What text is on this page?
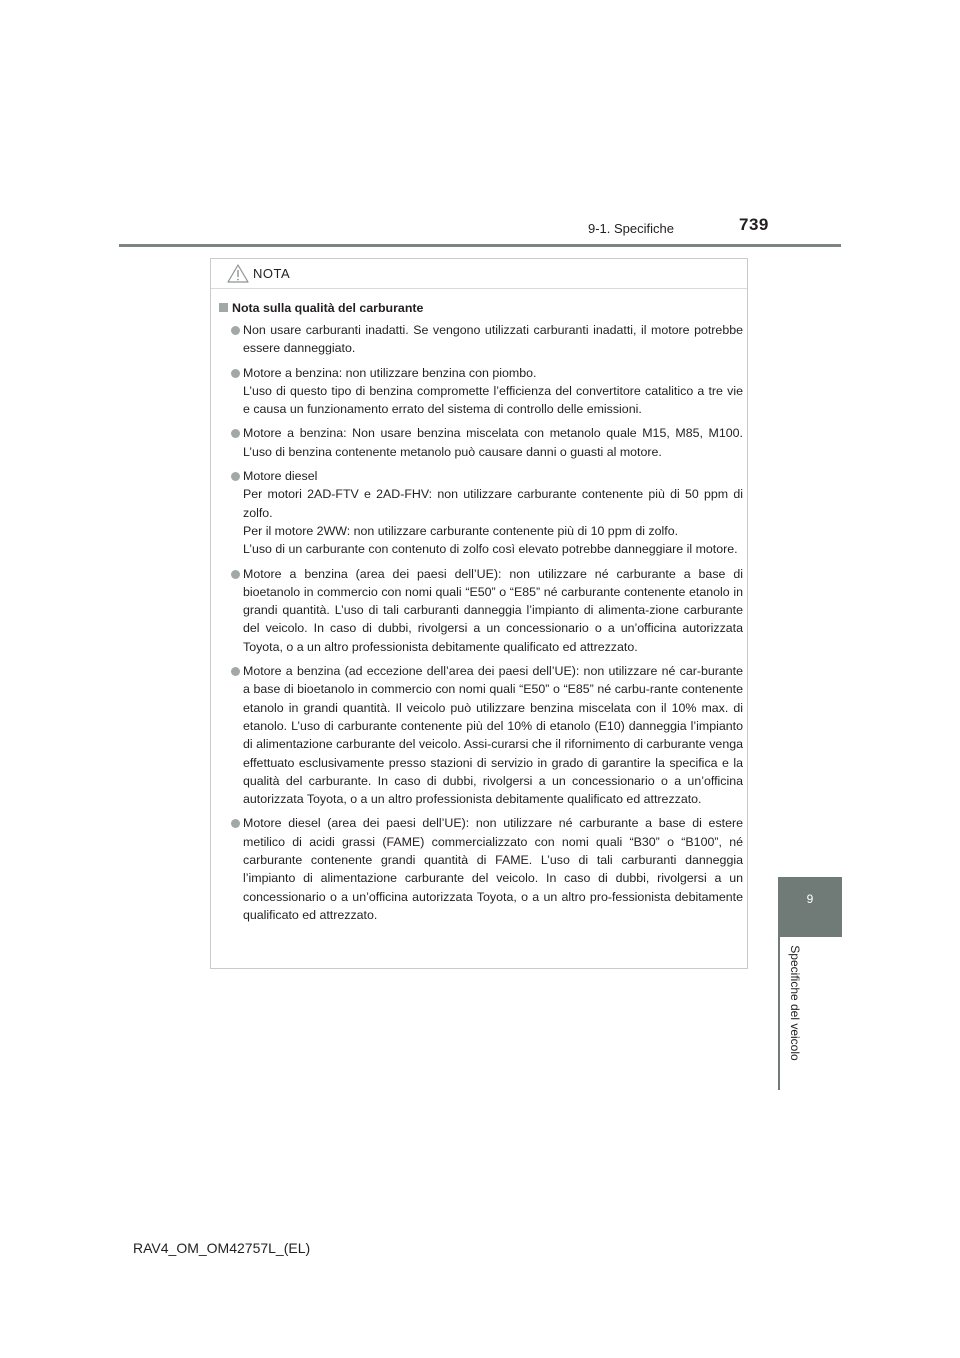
9-1. Specifiche	739
9
Specifiche del veicolo
NOTA
Nota sulla qualità del carburante

Non usare carburanti inadatti. Se vengono utilizzati carburanti inadatti, il motore potrebbe essere danneggiato.

Motore a benzina: non utilizzare benzina con piombo.

L’uso di questo tipo di benzina compromette l’efficienza del convertitore catalitico a tre vie e causa un funzionamento errato del sistema di controllo delle emissioni.

Motore a benzina: Non usare benzina miscelata con metanolo quale M15, M85, M100. L’uso di benzina contenente metanolo può causare danni o guasti al motore.

Motore diesel

Per motori 2AD-FTV e 2AD-FHV: non utilizzare carburante contenente più di 50 ppm di zolfo.

Per il motore 2WW: non utilizzare carburante contenente più di 10 ppm di zolfo.

L’uso di un carburante con contenuto di zolfo così elevato potrebbe danneggiare il motore.

Motore a benzina (area dei paesi dell’UE): non utilizzare né carburante a base di bioetanolo in commercio con nomi quali “E50” o “E85” né carburante contenente etanolo in grandi quantità. L’uso di tali carburanti danneggia l’impianto di alimenta-zione carburante del veicolo. In caso di dubbi, rivolgersi a un concessionario o a un’officina autorizzata Toyota, o a un altro professionista debitamente qualificato ed attrezzato.

Motore a benzina (ad eccezione dell’area dei paesi dell’UE): non utilizzare né car-burante a base di bioetanolo in commercio con nomi quali “E50” o “E85” né carbu-rante contenente etanolo in grandi quantità. Il veicolo può utilizzare benzina miscelata con il 10% max. di etanolo. L’uso di carburante contenente più del 10% di etanolo (E10) danneggia l’impianto di alimentazione carburante del veicolo. Assi-curarsi che il rifornimento di carburante venga effettuato esclusivamente presso stazioni di servizio in grado di garantire la specifica e la qualità del carburante. In caso di dubbi, rivolgersi a un concessionario o a un’officina autorizzata Toyota, o a un altro professionista debitamente qualificato ed attrezzato.

Motore diesel (area dei paesi dell’UE): non utilizzare né carburante a base di estere metilico di acidi grassi (FAME) commercializzato con nomi quali “B30” o “B100”, né carburante contenente grandi quantità di FAME. L’uso di tali carburanti danneggia l’impianto di alimentazione carburante del veicolo. In caso di dubbi, rivolgersi a un concessionario o a un’officina autorizzata Toyota, o a un altro pro-fessionista debitamente qualificato ed attrezzato.

RAV4_OM_OM42757L_(EL)
